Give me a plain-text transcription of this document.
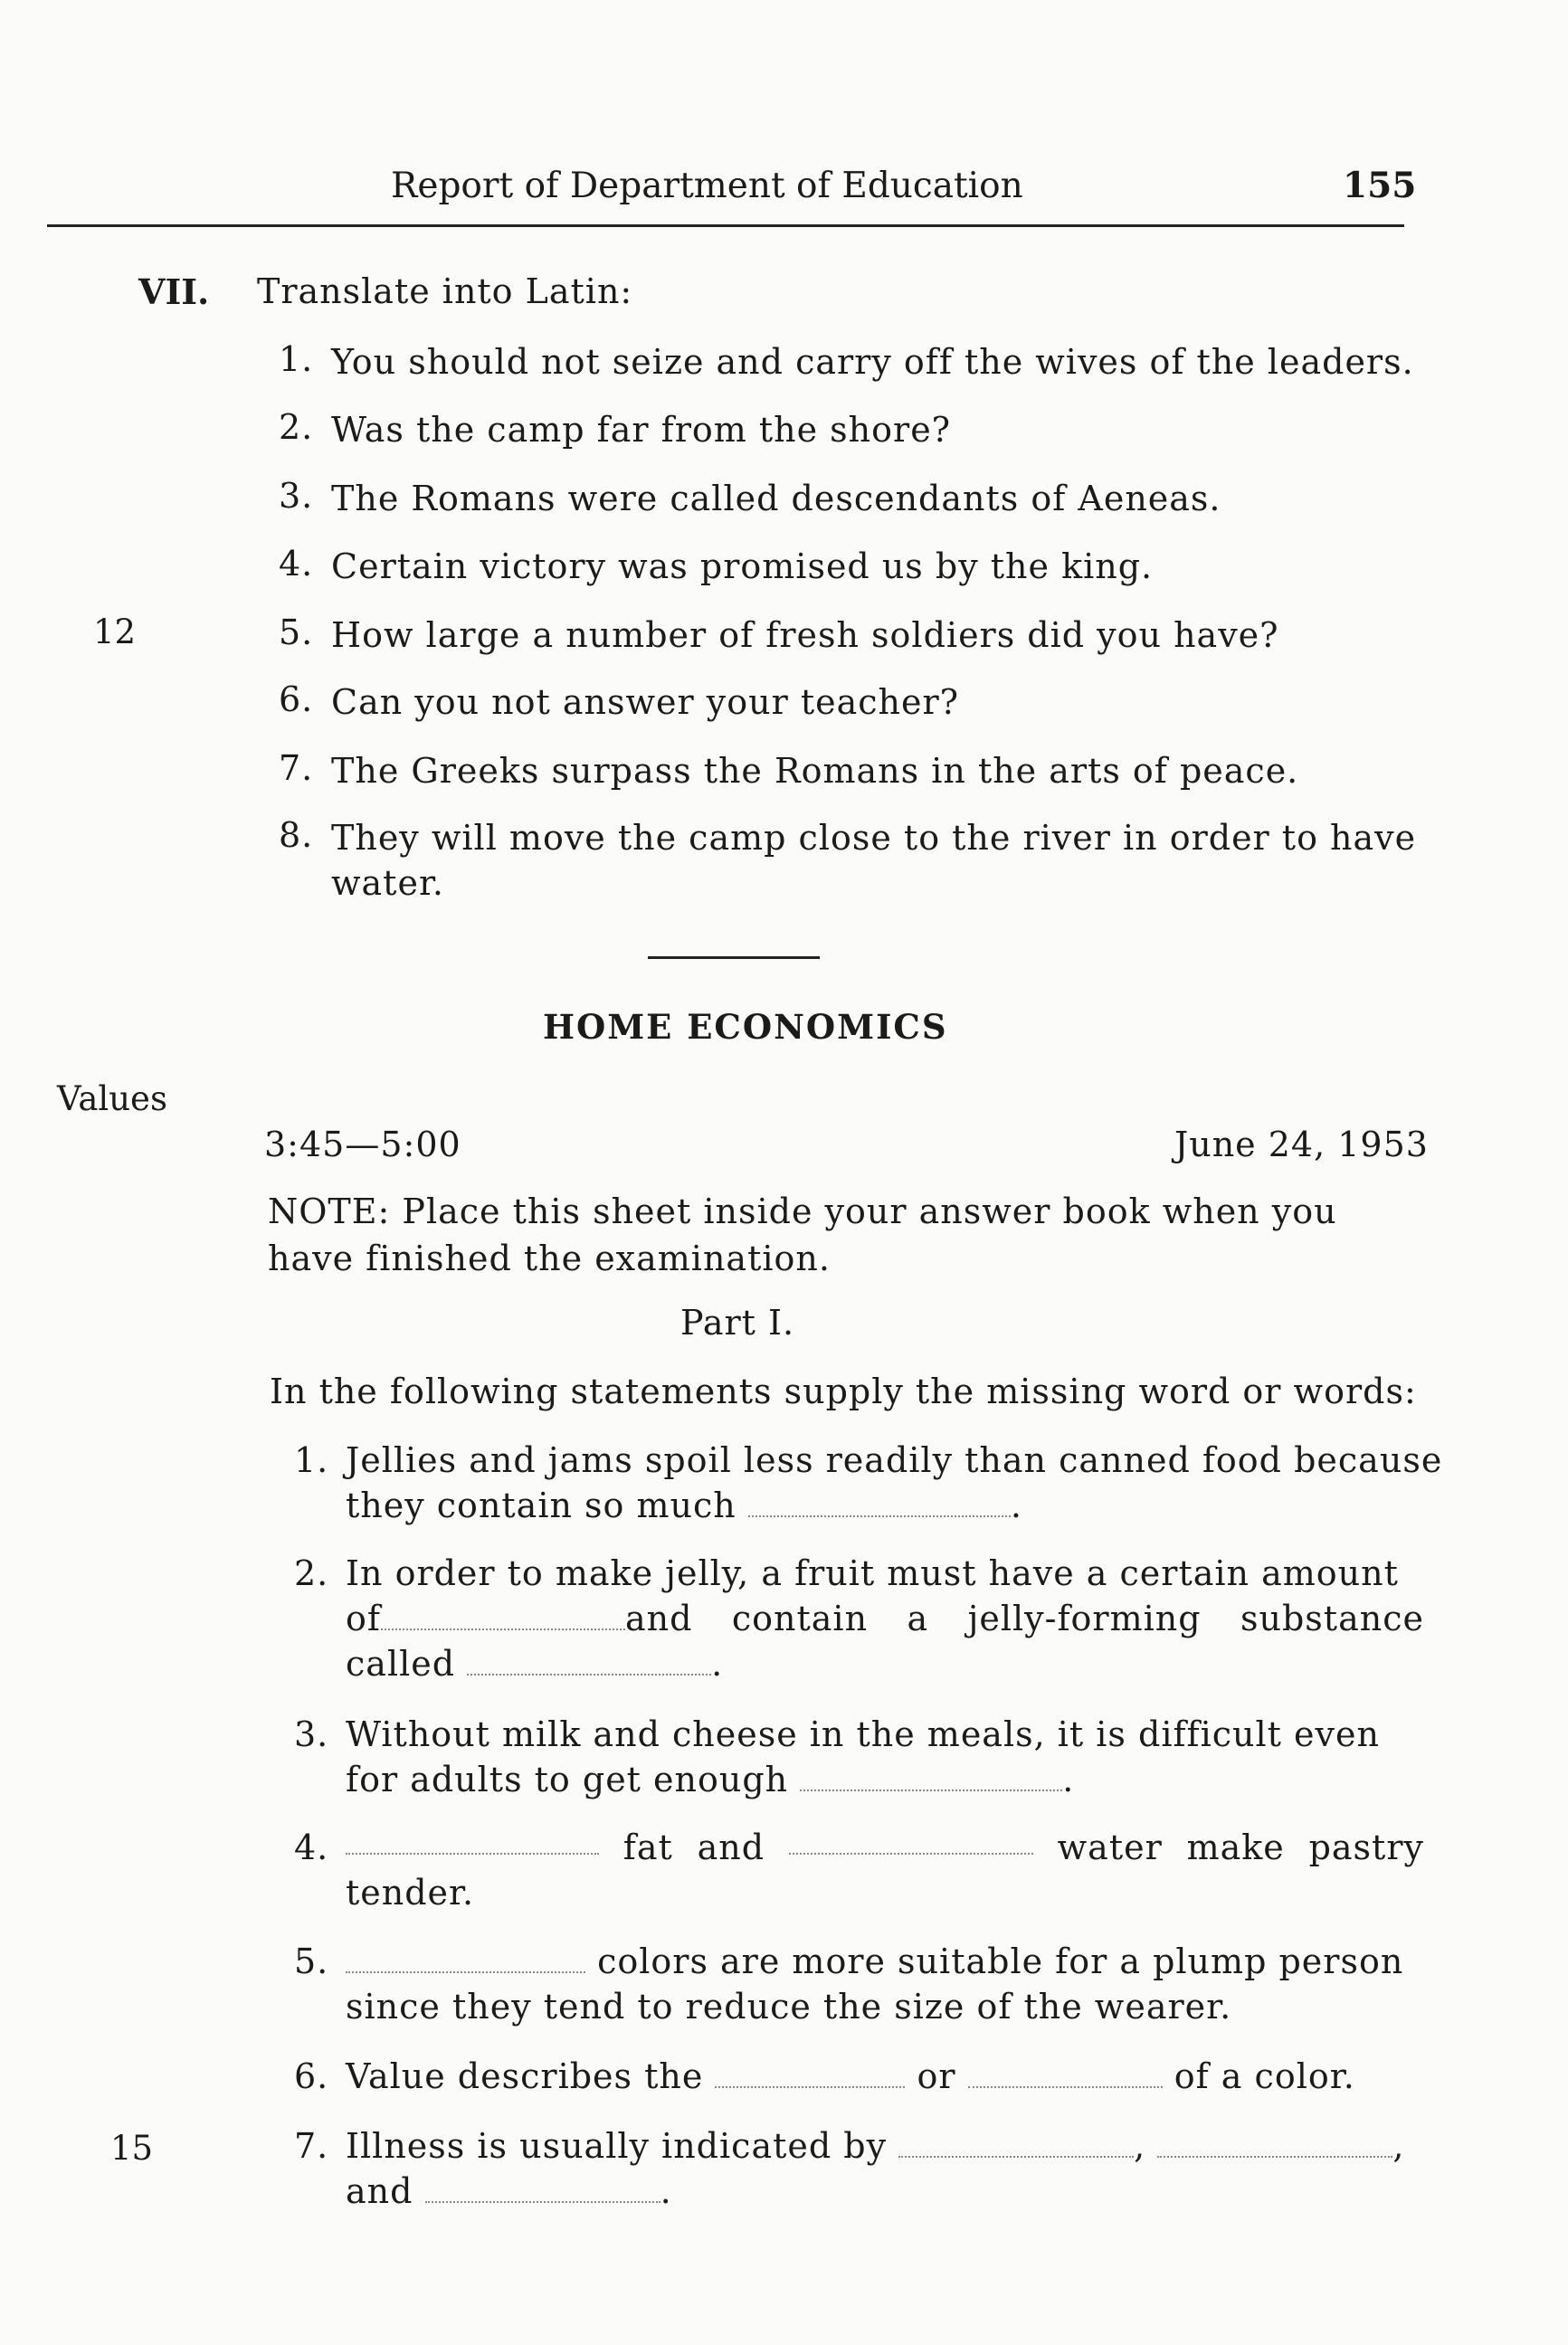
Report of Department of Education	155
VII. Translate into Latin:
1. You should not seize and carry off the wives of the leaders.
2. Was the camp far from the shore?
3. The Romans were called descendants of Aeneas.
4. Certain victory was promised us by the king.
5. How large a number of fresh soldiers did you have?
6. Can you not answer your teacher?
7. The Greeks surpass the Romans in the arts of peace.
8. They will move the camp close to the river in order to have water.
12
Values
15
HOME ECONOMICS
3:45—5:00	June 24, 1953
NOTE: Place this sheet inside your answer book when you have finished the examination.
Part I.
In the following statements supply the missing word or words:
1. Jellies and jams spoil less readily than canned food because
they contain so much	.
2. In order to make jelly, a fruit must have a certain amount
of	and contain a jelly-forming substance
called	.
3. Without milk and cheese in the meals, it is difficult even
for adults to get enough	.
4.	fat and	water make pastry
tender.
5.	colors are more suitable for a plump person
since they tend to reduce the size of the wearer.
6. Value describes the	or	of a color.
7. Illness is usually indicated by	,	,
and	.
